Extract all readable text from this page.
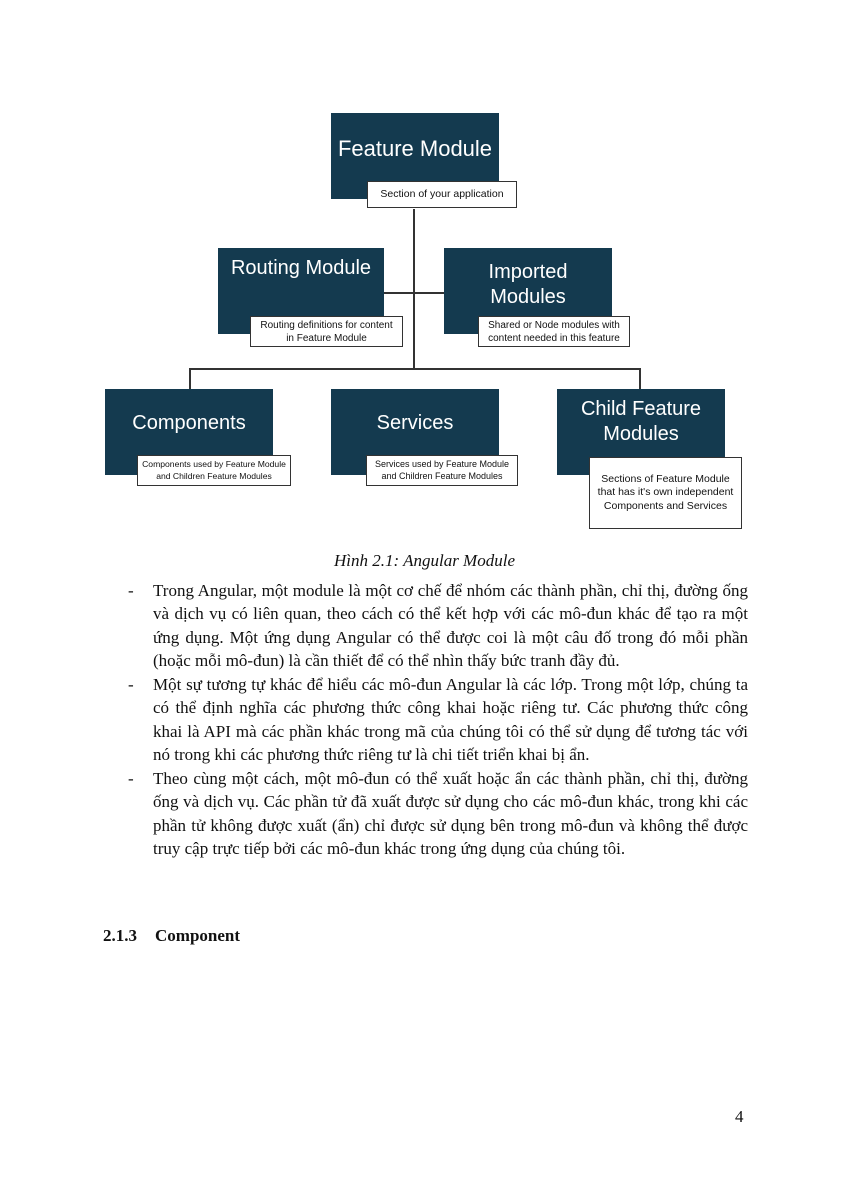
Feature Module
Section of your application
Routing Module
Routing definitions for content
in Feature Module
Imported
Modules
Shared or Node modules with
content needed in this feature
Components
Components used by Feature Module
and Children Feature Modules
Services
Services used by Feature Module
and Children Feature Modules
Child Feature
Modules
Sections of Feature Module
that has it's own independent
Components and Services
Hình 2.1: Angular Module

- Trong Angular, một module là một cơ chế để nhóm các thành phần, chỉ thị, đường ống và dịch vụ có liên quan, theo cách có thể kết hợp với các mô-đun khác để tạo ra một ứng dụng. Một ứng dụng Angular có thể được coi là một câu đố trong đó mỗi phần (hoặc mỗi mô-đun) là cần thiết để có thể nhìn thấy bức tranh đầy đủ.

- Một sự tương tự khác để hiểu các mô-đun Angular là các lớp. Trong một lớp, chúng ta có thể định nghĩa các phương thức công khai hoặc riêng tư. Các phương thức công khai là API mà các phần khác trong mã của chúng tôi có thể sử dụng để tương tác với nó trong khi các phương thức riêng tư là chi tiết triển khai bị ẩn.

- Theo cùng một cách, một mô-đun có thể xuất hoặc ẩn các thành phần, chỉ thị, đường ống và dịch vụ. Các phần tử đã xuất được sử dụng cho các mô-đun khác, trong khi các phần tử không được xuất (ẩn) chỉ được sử dụng bên trong mô-đun và không thể được truy cập trực tiếp bởi các mô-đun khác trong ứng dụng của chúng tôi.

2.1.3 Component
4
